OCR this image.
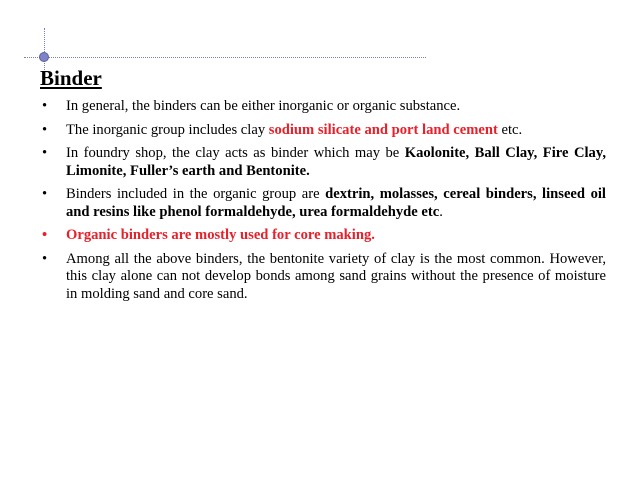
Binder
• In general, the binders can be either inorganic or organic substance.
• The inorganic group includes clay sodium silicate and port land cement etc.
• In foundry shop, the clay acts as binder which may be Kaolonite, Ball Clay, Fire Clay, Limonite, Fuller’s earth and Bentonite.
• Binders included in the organic group are dextrin, molasses, cereal binders, linseed oil and resins like phenol formaldehyde, urea formaldehyde etc.
• Organic binders are mostly used for core making.
• Among all the above binders, the bentonite variety of clay is the most common. However, this clay alone can not develop bonds among sand grains without the presence of moisture in molding sand and core sand.
